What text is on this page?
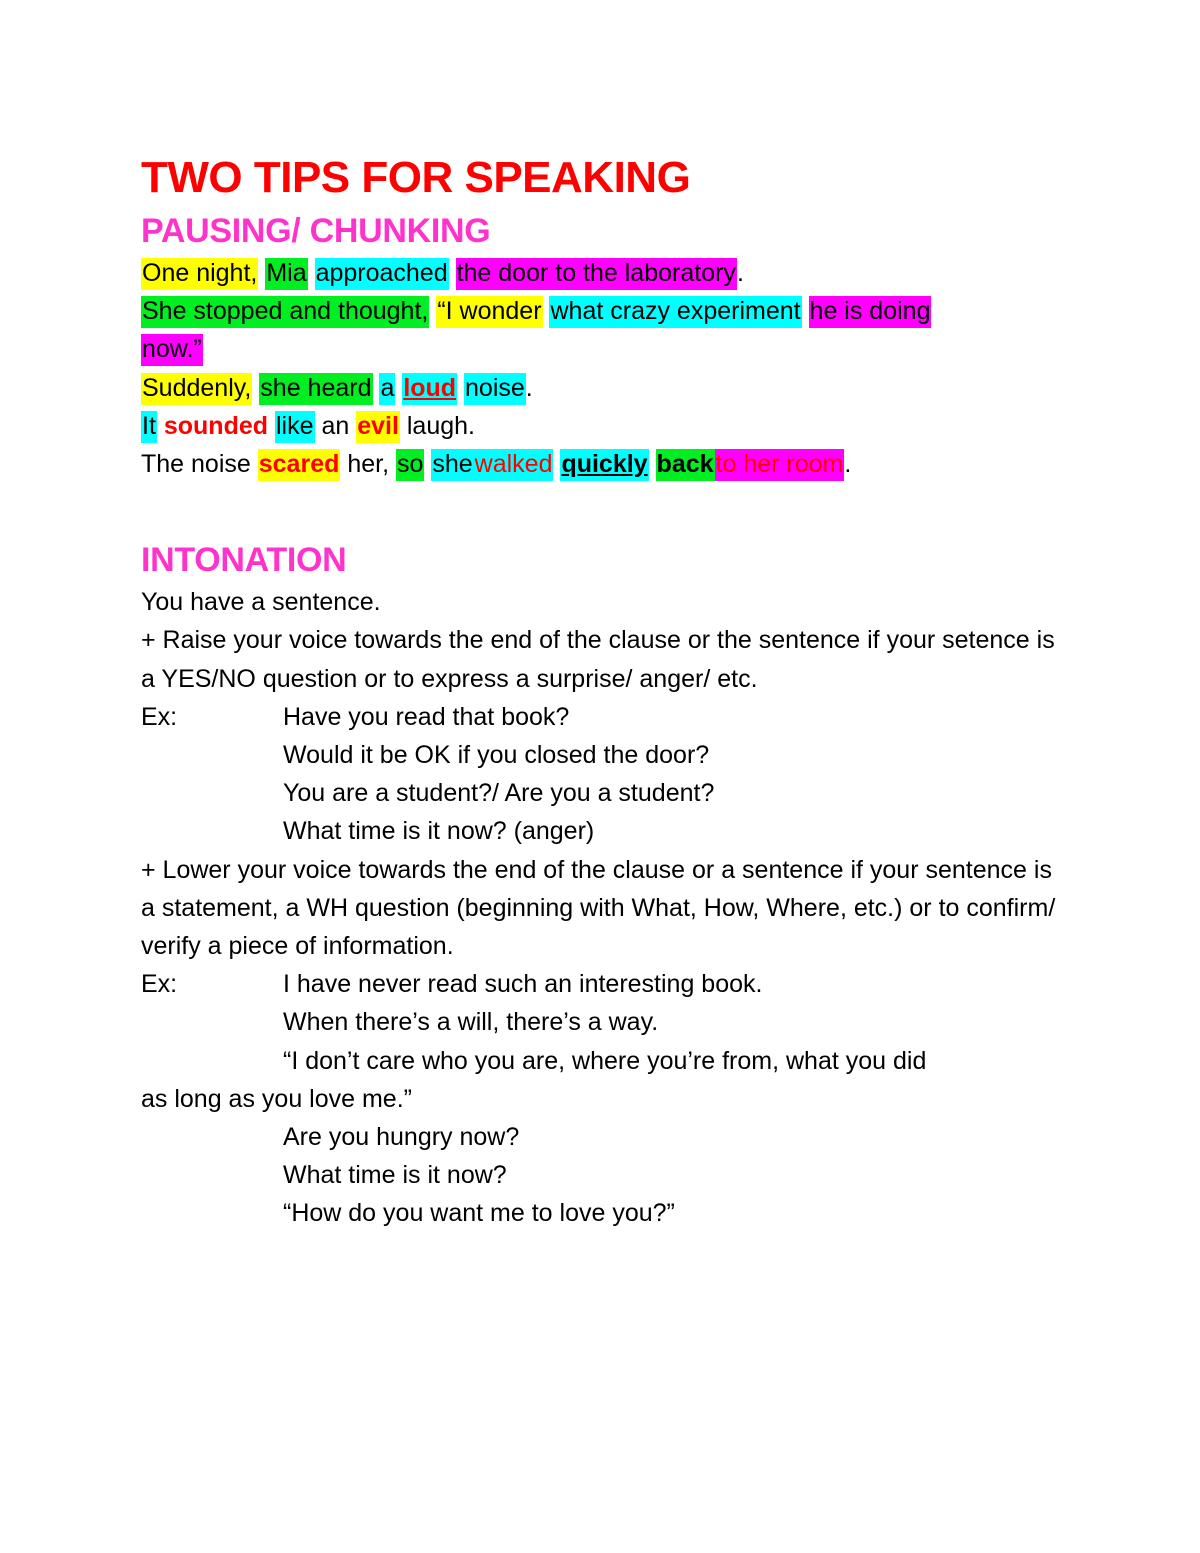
TWO TIPS FOR SPEAKING
PAUSING/ CHUNKING

One night, Mia approached the door to the laboratory.

She stopped and thought, “I wonder what crazy experiment he is doing

now.”

Suddenly, she heard a loud noise.

It sounded like an evil laugh.

The noise scared her, so shewalked quickly backto her room.

INTONATION

You have a sentence.

+ Raise your voice towards the end of the clause or the sentence if your setence is a YES/NO question or to express a surprise/ anger/ etc.

Ex:	Have you read that book?
Would it be OK if you closed the door?
You are a student?/ Are you a student?
What time is it now? (anger)

+ Lower your voice towards the end of the clause or a sentence if your sentence is a statement, a WH question (beginning with What, How, Where, etc.) or to confirm/ verify a piece of information.

Ex:	I have never read such an interesting book.
When there’s a will, there’s a way.
“I don’t care who you are, where you’re from, what you did

as long as you love me.”

Are you hungry now?
What time is it now?
“How do you want me to love you?”
